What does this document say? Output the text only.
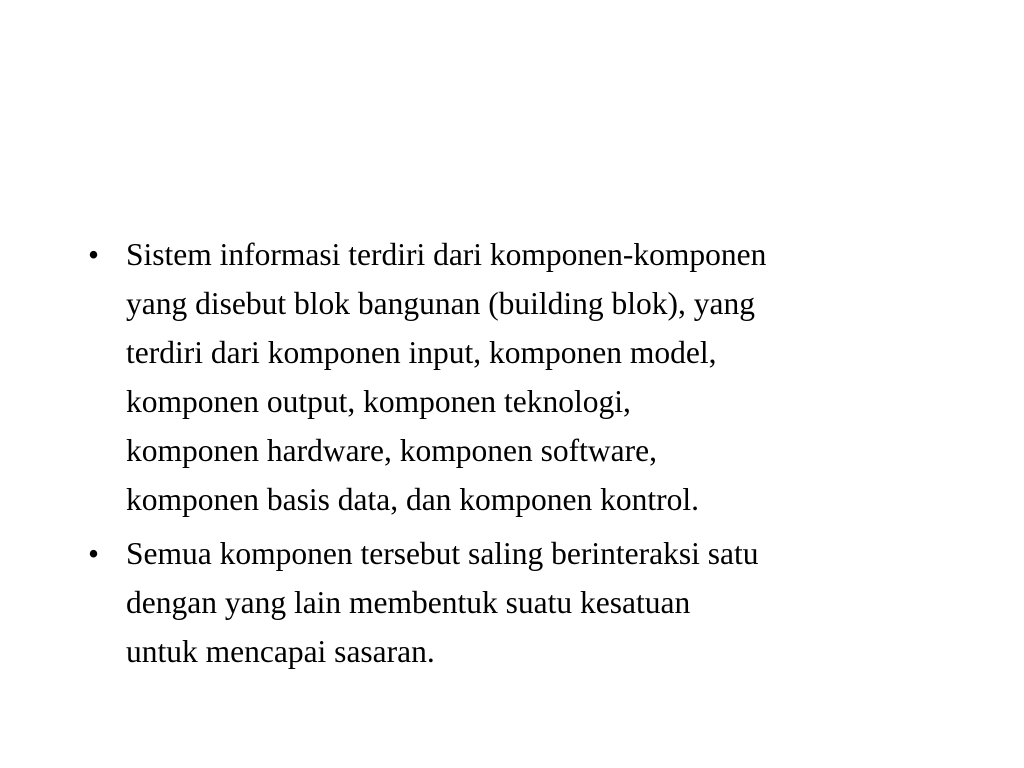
• Sistem informasi terdiri dari komponen-komponen
yang disebut blok bangunan (building blok), yang
terdiri dari komponen input, komponen model,
komponen output, komponen teknologi,
komponen hardware, komponen software,
komponen basis data, dan komponen kontrol.
• Semua komponen tersebut saling berinteraksi satu
dengan yang lain membentuk suatu kesatuan
untuk mencapai sasaran.
